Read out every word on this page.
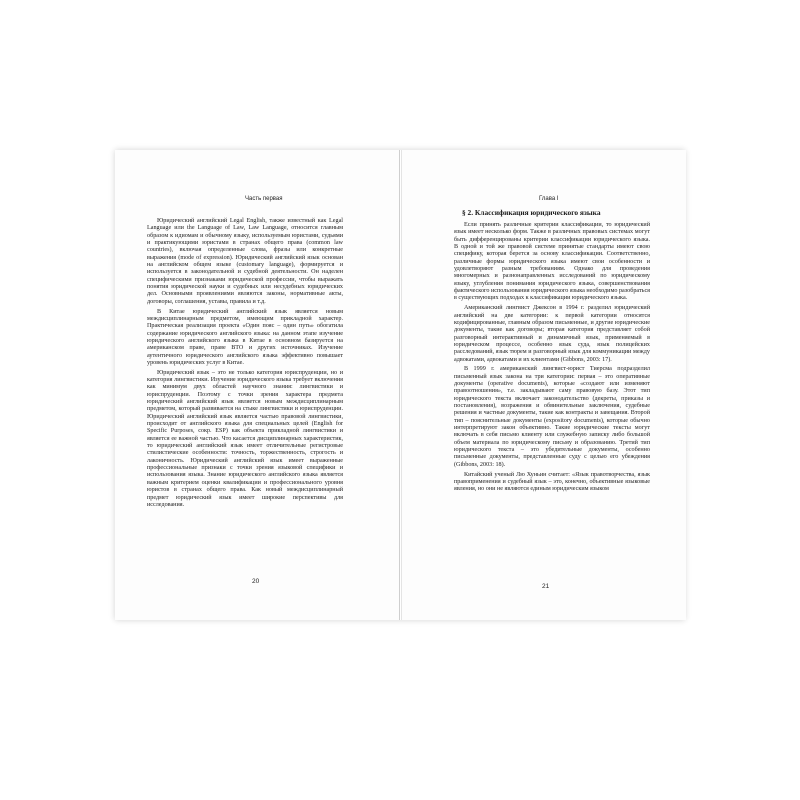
Часть первая

Юридический английский Legal English, также известный как Legal Language или the Language of Law, Law Language, относится главным образом к идиомам и обычному языку, используемым юристами, судьями и практикующими юристами в странах общего права (common law countries), включая определенные слова, фразы или конкретные выражения (mode of expression). Юридический английский язык основан на английском общем языке (customary language), формируется и используется в законодательной и судебной деятельности. Он наделен специфическими признаками юридической профессии, чтобы выражать понятия юридической науки и судебных или несудебных юридических дел. Основными проявлениями являются законы, нормативные акты, договоры, соглашения, уставы, правила и т.д.

В Китае юридический английский язык является новым междисциплинарным предметом, имеющим прикладной характер. Практическая реализация проекта «Один пояс – один путь» обогатила содержание юридического английского языка: на данном этапе изучение юридического английского языка в Китае в основном базируется на американском праве, праве ВТО и других источниках. Изучение аутентичного юридического английского языка эффективно повышает уровень юридических услуг в Китае.

Юридический язык – это не только категория юриспруденции, но и категория лингвистики. Изучение юридического языка требует включения как минимум двух областей научного знания: лингвистики и юриспруденции. Поэтому с точки зрения характера предмета юридический английский язык является новым междисциплинарным предметом, который развивается на стыке лингвистики и юриспруденции. Юридический английский язык является частью правовой лингвистики, происходит от английского языка для специальных целей (English for Specific Purposes, сокр. ESP) как объекта прикладной лингвистики и является ее важной частью. Что касается дисциплинарных характеристик, то юридический английский язык имеет отличительные регистровые стилистические особенности: точность, торжественность, строгость и лаконичность. Юридический английский язык имеет выраженные профессиональные признаки с точки зрения языковой специфики и использования языка. Знание юридического английского языка является важным критерием оценки квалификации и профессионального уровня юристов в странах общего права. Как новый междисциплинарный предмет юридический язык имеет широкие перспективы для исследования.

20
Глава I
§ 2. Классификация юридического языка

Если принять различные критерии классификации, то юридический язык имеет несколько форм. Также в различных правовых системах могут быть дифференцированы критерии классификации юридического языка. В одной и той же правовой системе принятые стандарты имеют свою специфику, которая берется за основу классификации. Соответственно, различные формы юридического языка имеют свои особенности и удовлетворяют разным требованиям. Однако для проведения многомерных и разнонаправленных исследований по юридическому языку, углубления понимания юридического языка, совершенствования фактического использования юридического языка необходимо разобраться в существующих подходах к классификации юридического языка.

Американский лингвист Джексон в 1994 г. разделил юридический английский на две категории: к первой категории относятся кодифицированные, главным образом письменные, и другие юридические документы, такие как договоры; вторая категория представляет собой разговорный интерактивный и динамичный язык, применяемый в юридическом процессе, особенно язык суда, язык полицейских расследований, язык тюрем и разговорный язык для коммуникации между адвокатами, адвокатами и их клиентами (Gibbons, 2003: 17).

В 1999 г. американский лингвист-юрист Тиерсма подразделил письменный язык закона на три категории: первая – это оперативные документы (operative documents), которые «создают или изменяют правоотношения», т.е. закладывают саму правовую базу. Этот тип юридического текста включает законодательство (декреты, приказы и постановления), возражения и обвинительные заключения, судебные решения и частные документы, такие как контракты и завещания. Второй тип – пояснительные документы (expository documents), которые обычно интерпретируют закон объективно. Такие юридические тексты могут включать в себя письмо клиенту или служебную записку либо большой объем материала по юридическому письму и образованию. Третий тип юридического текста – это убедительные документы, особенно письменные документы, представленные суду с целью его убеждения (Gibbons, 2003: 18).

Китайский ученый Лю Хуньин считает: «Язык правотворчества, язык правоприменения и судебный язык – это, конечно, объективные языковые явления, но они не являются единым юридическим языком

21
